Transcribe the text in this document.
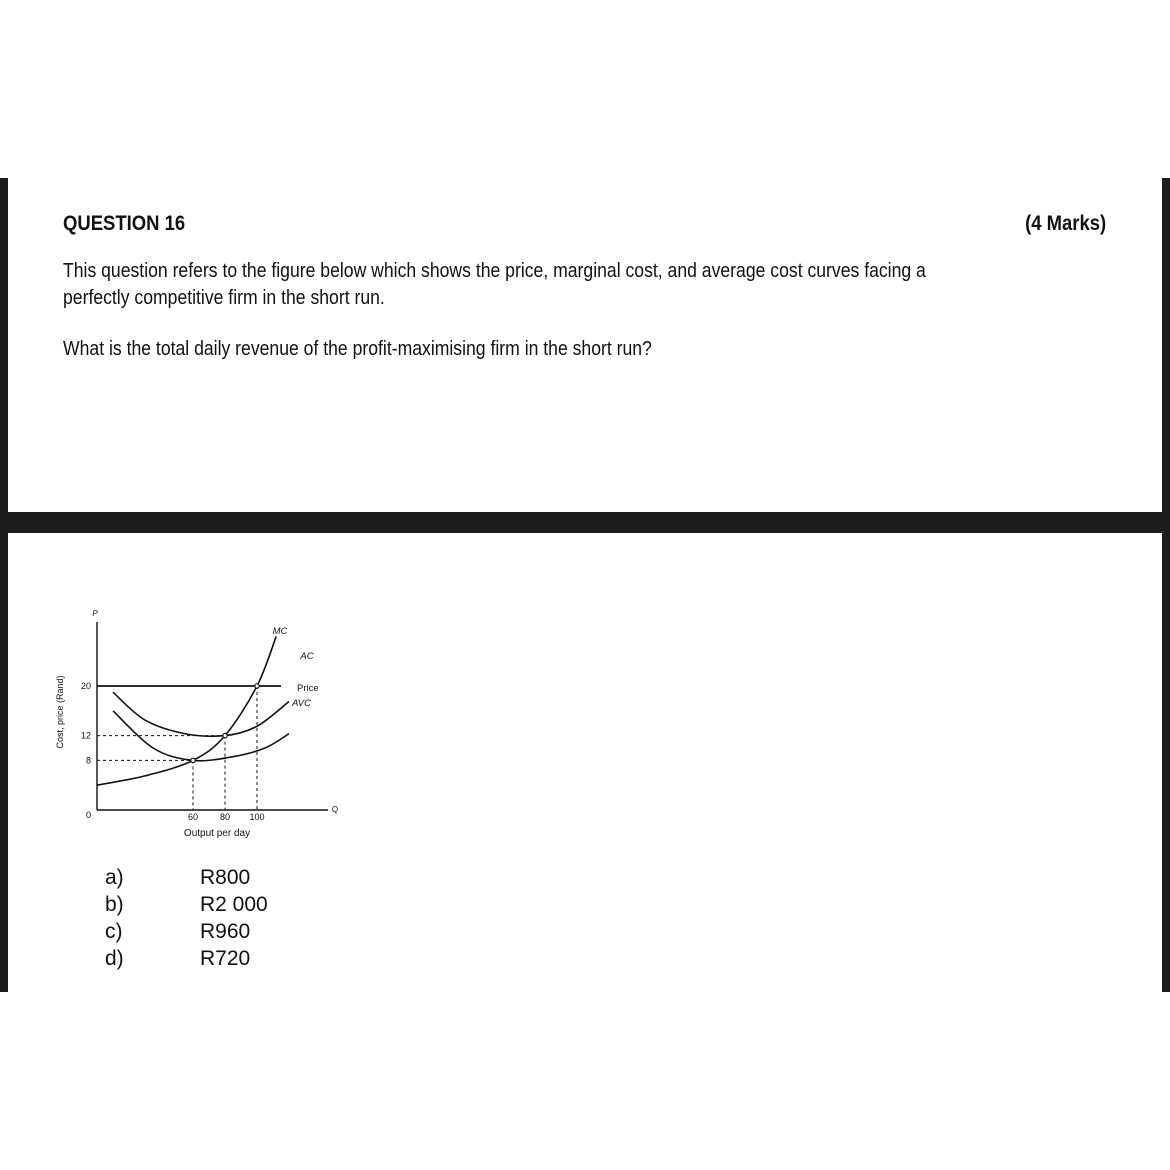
QUESTION 16	(4 Marks)
This question refers to the figure below which shows the price, marginal cost, and average cost curves facing a
perfectly competitive firm in the short run.
What is the total daily revenue of the profit-maximising firm in the short run?
8
12
20
60 80 100
0
P
Q
Output per day
Cost, price (Rand)
MC
AC
Price
AVC
a)	R800
b)	R2 000
c)	R960
d)	R720
